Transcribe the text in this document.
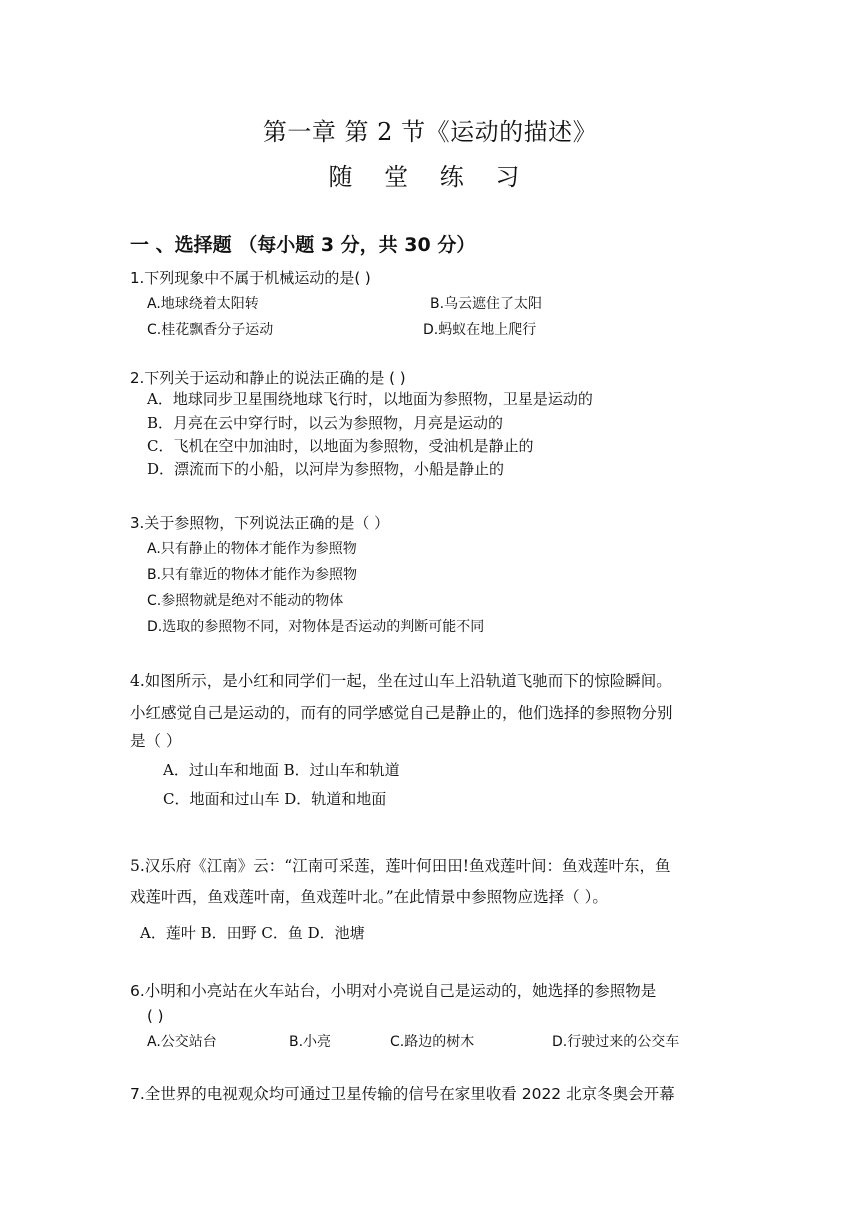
第一章 第 2 节《运动的描述》
随 堂 练 习
一 、选择题 （每小题 3 分，共 30 分）
1.下列现象中不属于机械运动的是( )
A.地球绕着太阳转	B.乌云遮住了太阳
C.桂花飘香分子运动	D.蚂蚁在地上爬行
2.下列关于运动和静止的说法正确的是 ( )
A．地球同步卫星围绕地球飞行时，以地面为参照物，卫星是运动的
B．月亮在云中穿行时，以云为参照物，月亮是运动的
C．飞机在空中加油时，以地面为参照物，受油机是静止的
D．漂流而下的小船，以河岸为参照物，小船是静止的
3.关于参照物，下列说法正确的是（ ）
A.只有静止的物体才能作为参照物
B.只有靠近的物体才能作为参照物
C.参照物就是绝对不能动的物体
D.选取的参照物不同，对物体是否运动的判断可能不同
4.如图所示，是小红和同学们一起，坐在过山车上沿轨道飞驰而下的惊险瞬间。
小红感觉自己是运动的，而有的同学感觉自己是静止的，他们选择的参照物分别
是（ ）
A．过山车和地面 B．过山车和轨道
C．地面和过山车 D．轨道和地面
5.汉乐府《江南》云：“江南可采莲，莲叶何田田!鱼戏莲叶间：鱼戏莲叶东，鱼
戏莲叶西，鱼戏莲叶南，鱼戏莲叶北。”在此情景中参照物应选择（ ）。
A．莲叶 B．田野 C．鱼 D．池塘
6.小明和小亮站在火车站台，小明对小亮说自己是运动的，她选择的参照物是
( )
A.公交站台	B.小亮	C.路边的树木	D.行驶过来的公交车
7.全世界的电视观众均可通过卫星传输的信号在家里收看 2022 北京冬奥会开幕
